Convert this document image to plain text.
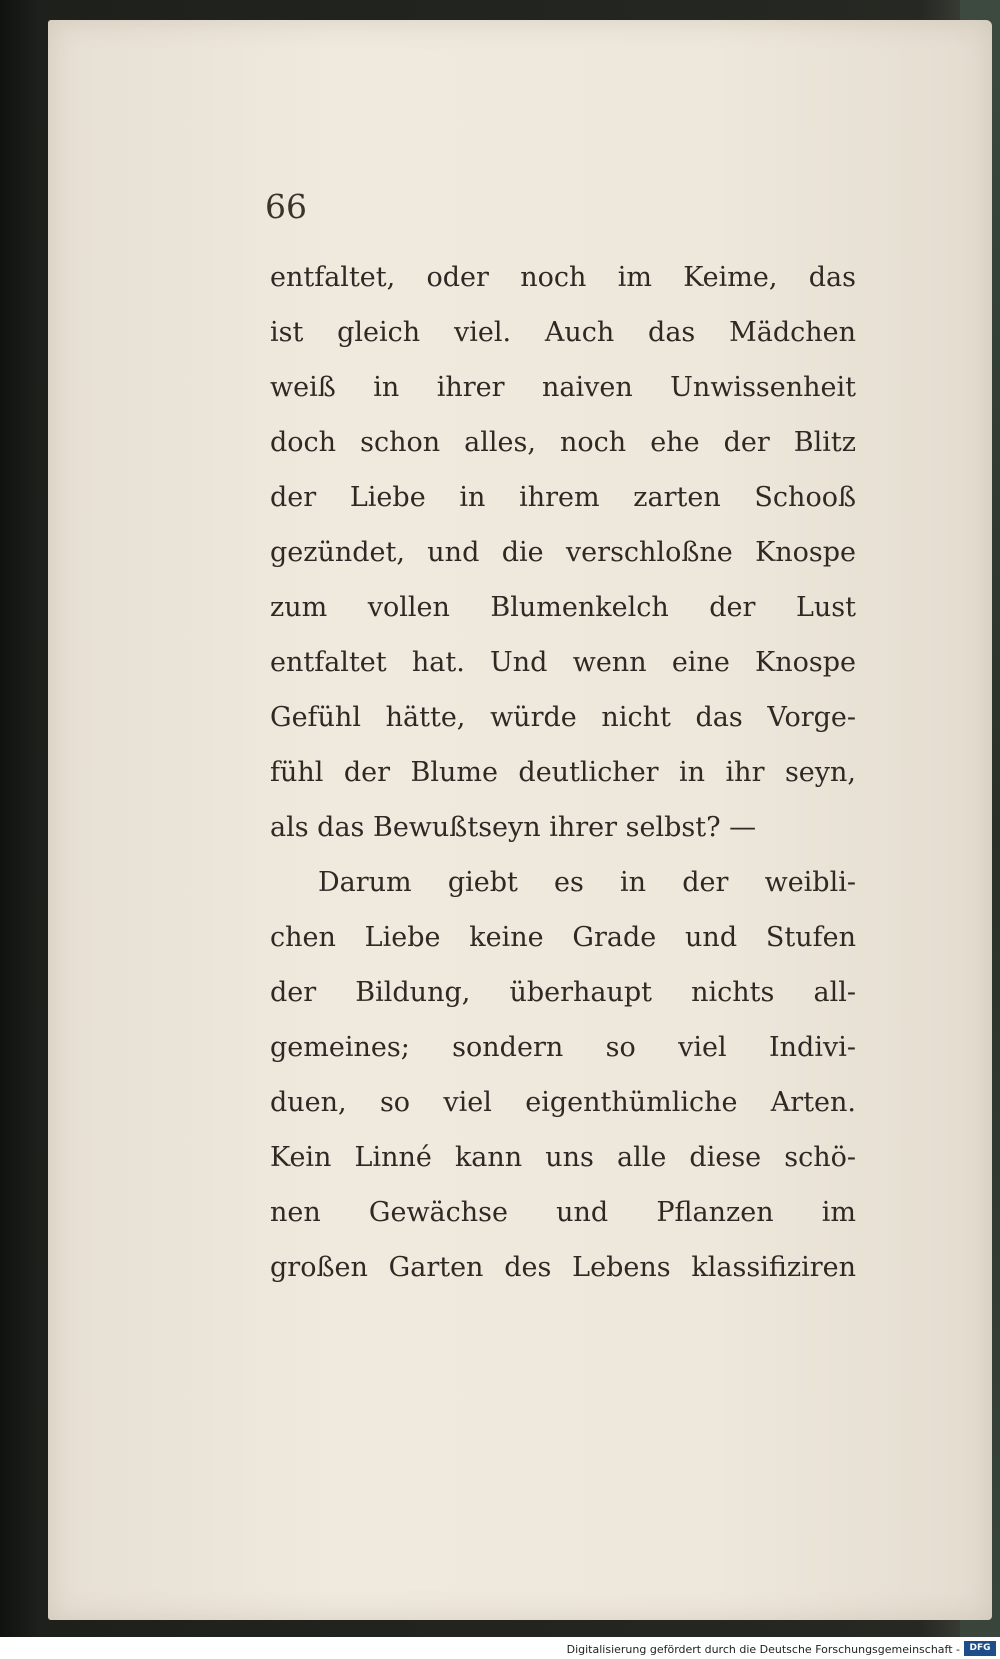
66
entfaltet, oder noch im Keime, das
ist gleich viel. Auch das Mädchen
weiß in ihrer naiven Unwissenheit
doch schon alles, noch ehe der Blitz
der Liebe in ihrem zarten Schooß
gezündet, und die verschloßne Knospe
zum vollen Blumenkelch der Lust
entfaltet hat. Und wenn eine Knospe
Gefühl hätte, würde nicht das Vorge-
fühl der Blume deutlicher in ihr seyn,
als das Bewußtseyn ihrer selbst? —
Darum giebt es in der weibli-
chen Liebe keine Grade und Stufen
der Bildung, überhaupt nichts all-
gemeines; sondern so viel Indivi-
duen, so viel eigenthümliche Arten.
Kein Linné kann uns alle diese schö-
nen Gewächse und Pflanzen im
großen Garten des Lebens klassifiziren
Digitalisierung gefördert durch die Deutsche Forschungsgemeinschaft -	DFG
